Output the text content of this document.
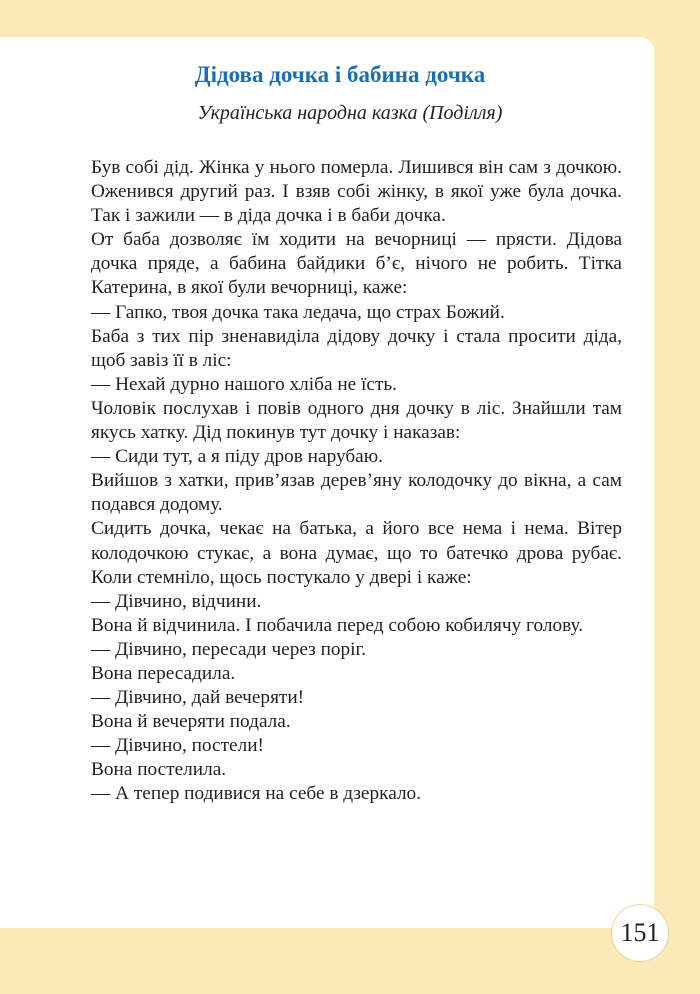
Дідова дочка і бабина дочка
Українська народна казка (Поділля)

Був собі дід. Жінка у нього померла. Лишився він сам з дочкою. Оженився другий раз. І взяв собі жінку, в якої уже була дочка. Так і зажили — в діда дочка і в баби дочка.

От баба дозволяє їм ходити на вечорниці — прясти. Дідова дочка пряде, а бабина байдики б’є, нічого не робить. Тітка Катерина, в якої були вечорниці, каже:

— Гапко, твоя дочка така ледача, що страх Божий.

Баба з тих пір зненавиділа дідову дочку і стала просити діда, щоб завіз її в ліс:

— Нехай дурно нашого хліба не їсть.

Чоловік послухав і повів одного дня дочку в ліс. Знайшли там якусь хатку. Дід покинув тут дочку і наказав:

— Сиди тут, а я піду дров нарубаю.

Вийшов з хатки, прив’язав дерев’яну колодочку до вікна, а сам подався додому.

Сидить дочка, чекає на батька, а його все нема і нема. Вітер колодочкою стукає, а вона думає, що то батечко дрова рубає. Коли стемніло, щось постукало у двері і каже:

— Дівчино, відчини.

Вона й відчинила. І побачила перед собою кобилячу голову.

— Дівчино, пересади через поріг.

Вона пересадила.

— Дівчино, дай вечеряти!

Вона й вечеряти подала.

— Дівчино, постели!

Вона постелила.

— А тепер подивися на себе в дзеркало.

151
